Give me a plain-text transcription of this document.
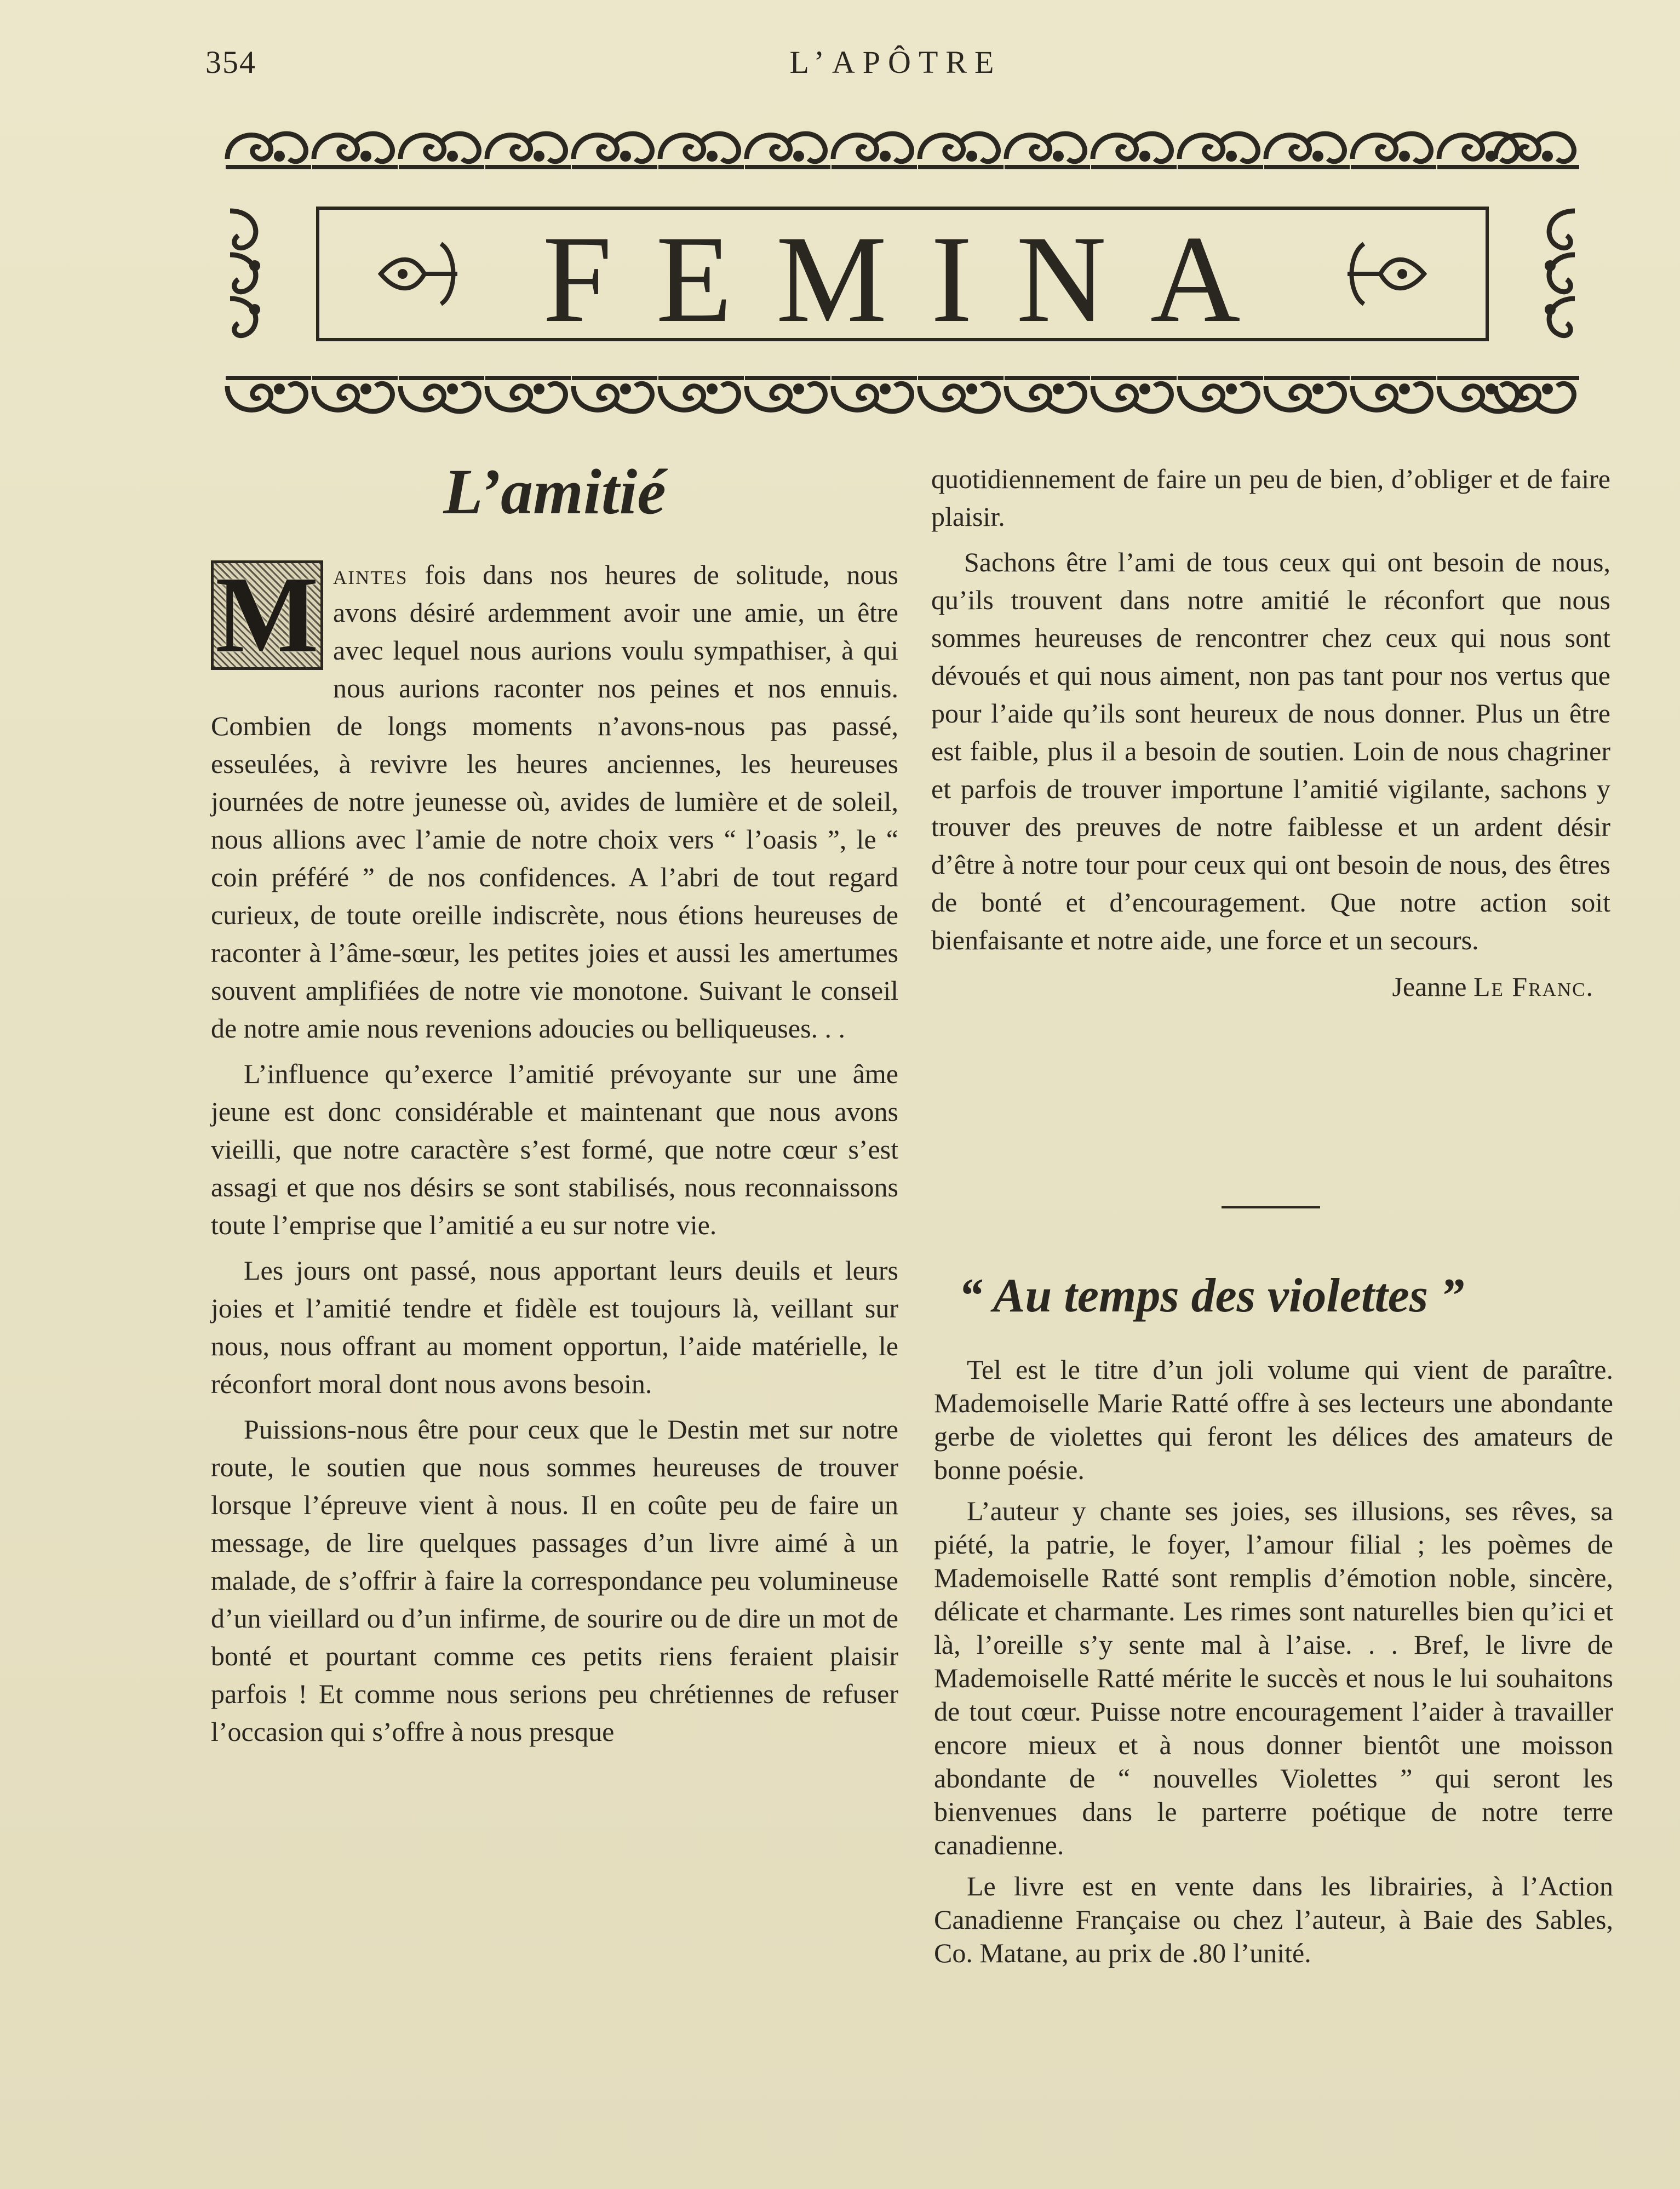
354	L’APÔTRE
FEMINA
L’amitié

M aintes fois dans nos heures de solitude, nous avons désiré ardemment avoir une amie, un être avec lequel nous aurions voulu sympathiser, à qui nous aurions raconter nos peines et nos ennuis. Combien de longs moments n’avons-nous pas passé, esseulées, à revivre les heures anciennes, les heureuses journées de notre jeunesse où, avides de lumière et de soleil, nous allions avec l’amie de notre choix vers “ l’oasis ”, le “ coin préféré ” de nos confidences. A l’abri de tout regard curieux, de toute oreille indiscrète, nous étions heureuses de raconter à l’âme-sœur, les petites joies et aussi les amertumes souvent amplifiées de notre vie monotone. Suivant le conseil de notre amie nous revenions adoucies ou belliqueuses. . .

L’influence qu’exerce l’amitié prévoyante sur une âme jeune est donc considérable et maintenant que nous avons vieilli, que notre caractère s’est formé, que notre cœur s’est assagi et que nos désirs se sont stabilisés, nous reconnaissons toute l’emprise que l’amitié a eu sur notre vie.

Les jours ont passé, nous apportant leurs deuils et leurs joies et l’amitié tendre et fidèle est toujours là, veillant sur nous, nous offrant au moment opportun, l’aide matérielle, le réconfort moral dont nous avons besoin.

Puissions-nous être pour ceux que le Destin met sur notre route, le soutien que nous sommes heureuses de trouver lorsque l’épreuve vient à nous. Il en coûte peu de faire un message, de lire quelques passages d’un livre aimé à un malade, de s’offrir à faire la correspondance peu volumineuse d’un vieillard ou d’un infirme, de sourire ou de dire un mot de bonté et pourtant comme ces petits riens feraient plaisir parfois ! Et comme nous serions peu chrétiennes de refuser l’occasion qui s’offre à nous presque

quotidiennement de faire un peu de bien, d’obliger et de faire plaisir.

Sachons être l’ami de tous ceux qui ont besoin de nous, qu’ils trouvent dans notre amitié le réconfort que nous sommes heureuses de rencontrer chez ceux qui nous sont dévoués et qui nous aiment, non pas tant pour nos vertus que pour l’aide qu’ils sont heureux de nous donner. Plus un être est faible, plus il a besoin de soutien. Loin de nous chagriner et parfois de trouver importune l’amitié vigilante, sachons y trouver des preuves de notre faiblesse et un ardent désir d’être à notre tour pour ceux qui ont besoin de nous, des êtres de bonté et d’encouragement. Que notre action soit bienfaisante et notre aide, une force et un secours.

Jeanne Le Franc.
“ Au temps des violettes ”

Tel est le titre d’un joli volume qui vient de paraître. Mademoiselle Marie Ratté offre à ses lecteurs une abondante gerbe de violettes qui feront les délices des amateurs de bonne poésie.

L’auteur y chante ses joies, ses illusions, ses rêves, sa piété, la patrie, le foyer, l’amour filial ; les poèmes de Mademoiselle Ratté sont remplis d’émotion noble, sincère, délicate et charmante. Les rimes sont naturelles bien qu’ici et là, l’oreille s’y sente mal à l’aise. . . Bref, le livre de Mademoiselle Ratté mérite le succès et nous le lui souhaitons de tout cœur. Puisse notre encouragement l’aider à travailler encore mieux et à nous donner bientôt une moisson abondante de “ nouvelles Violettes ” qui seront les bienvenues dans le parterre poétique de notre terre canadienne.

Le livre est en vente dans les librairies, à l’Action Canadienne Française ou chez l’auteur, à Baie des Sables, Co. Matane, au prix de .80 l’unité.
